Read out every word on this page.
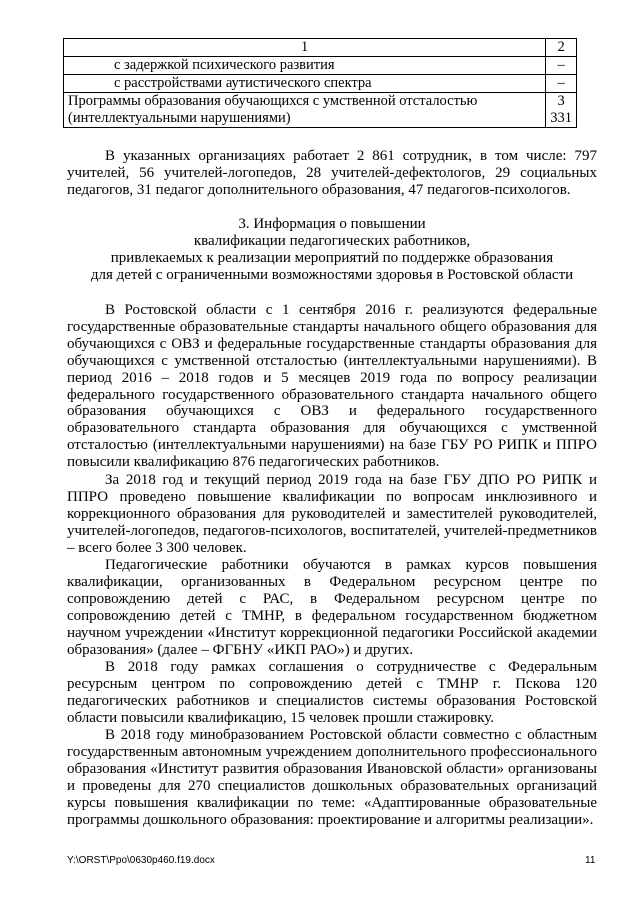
1	2
с задержкой психического развития	–
с расстройствами аутистического спектра	–
Программы образования обучающихся с умственной отсталостью (интеллектуальными нарушениями)	3 331

В указанных организациях работает 2 861 сотрудник, в том числе: 797 учителей, 56 учителей-логопедов, 28 учителей-дефектологов, 29 социальных педагогов, 31 педагог дополнительного образования, 47 педагогов-психологов.

3. Информация о повышении
квалификации педагогических работников,
привлекаемых к реализации мероприятий по поддержке образования
для детей с ограниченными возможностями здоровья в Ростовской области

В Ростовской области с 1 сентября 2016 г. реализуются федеральные государственные образовательные стандарты начального общего образования для обучающихся с ОВЗ и федеральные государственные стандарты образования для обучающихся с умственной отсталостью (интеллектуальными нарушениями). В период 2016 – 2018 годов и 5 месяцев 2019 года по вопросу реализации федерального государственного образовательного стандарта начального общего образования обучающихся с ОВЗ и федерального государственного образовательного стандарта образования для обучающихся с умственной отсталостью (интеллектуальными нарушениями) на базе ГБУ РО РИПК и ППРО повысили квалификацию 876 педагогических работников.

За 2018 год и текущий период 2019 года на базе ГБУ ДПО РО РИПК и ППРО проведено повышение квалификации по вопросам инклюзивного и коррекционного образования для руководителей и заместителей руководителей, учителей-логопедов, педагогов-психологов, воспитателей, учителей-предметников – всего более 3 300 человек.

Педагогические работники обучаются в рамках курсов повышения квалификации, организованных в Федеральном ресурсном центре по сопровождению детей с РАС, в Федеральном ресурсном центре по сопровождению детей с ТМНР, в федеральном государственном бюджетном научном учреждении «Институт коррекционной педагогики Российской академии образования» (далее – ФГБНУ «ИКП РАО») и других.

В 2018 году рамках соглашения о сотрудничестве с Федеральным ресурсным центром по сопровождению детей с ТМНР г. Пскова 120 педагогических работников и специалистов системы образования Ростовской области повысили квалификацию, 15 человек прошли стажировку.

В 2018 году минобразованием Ростовской области совместно с областным государственным автономным учреждением дополнительного профессионального образования «Институт развития образования Ивановской области» организованы и проведены для 270 специалистов дошкольных образовательных организаций курсы повышения квалификации по теме: «Адаптированные образовательные программы дошкольного образования: проектирование и алгоритмы реализации».

Y:\ORST\Ppo\0630p460.f19.docx	11
